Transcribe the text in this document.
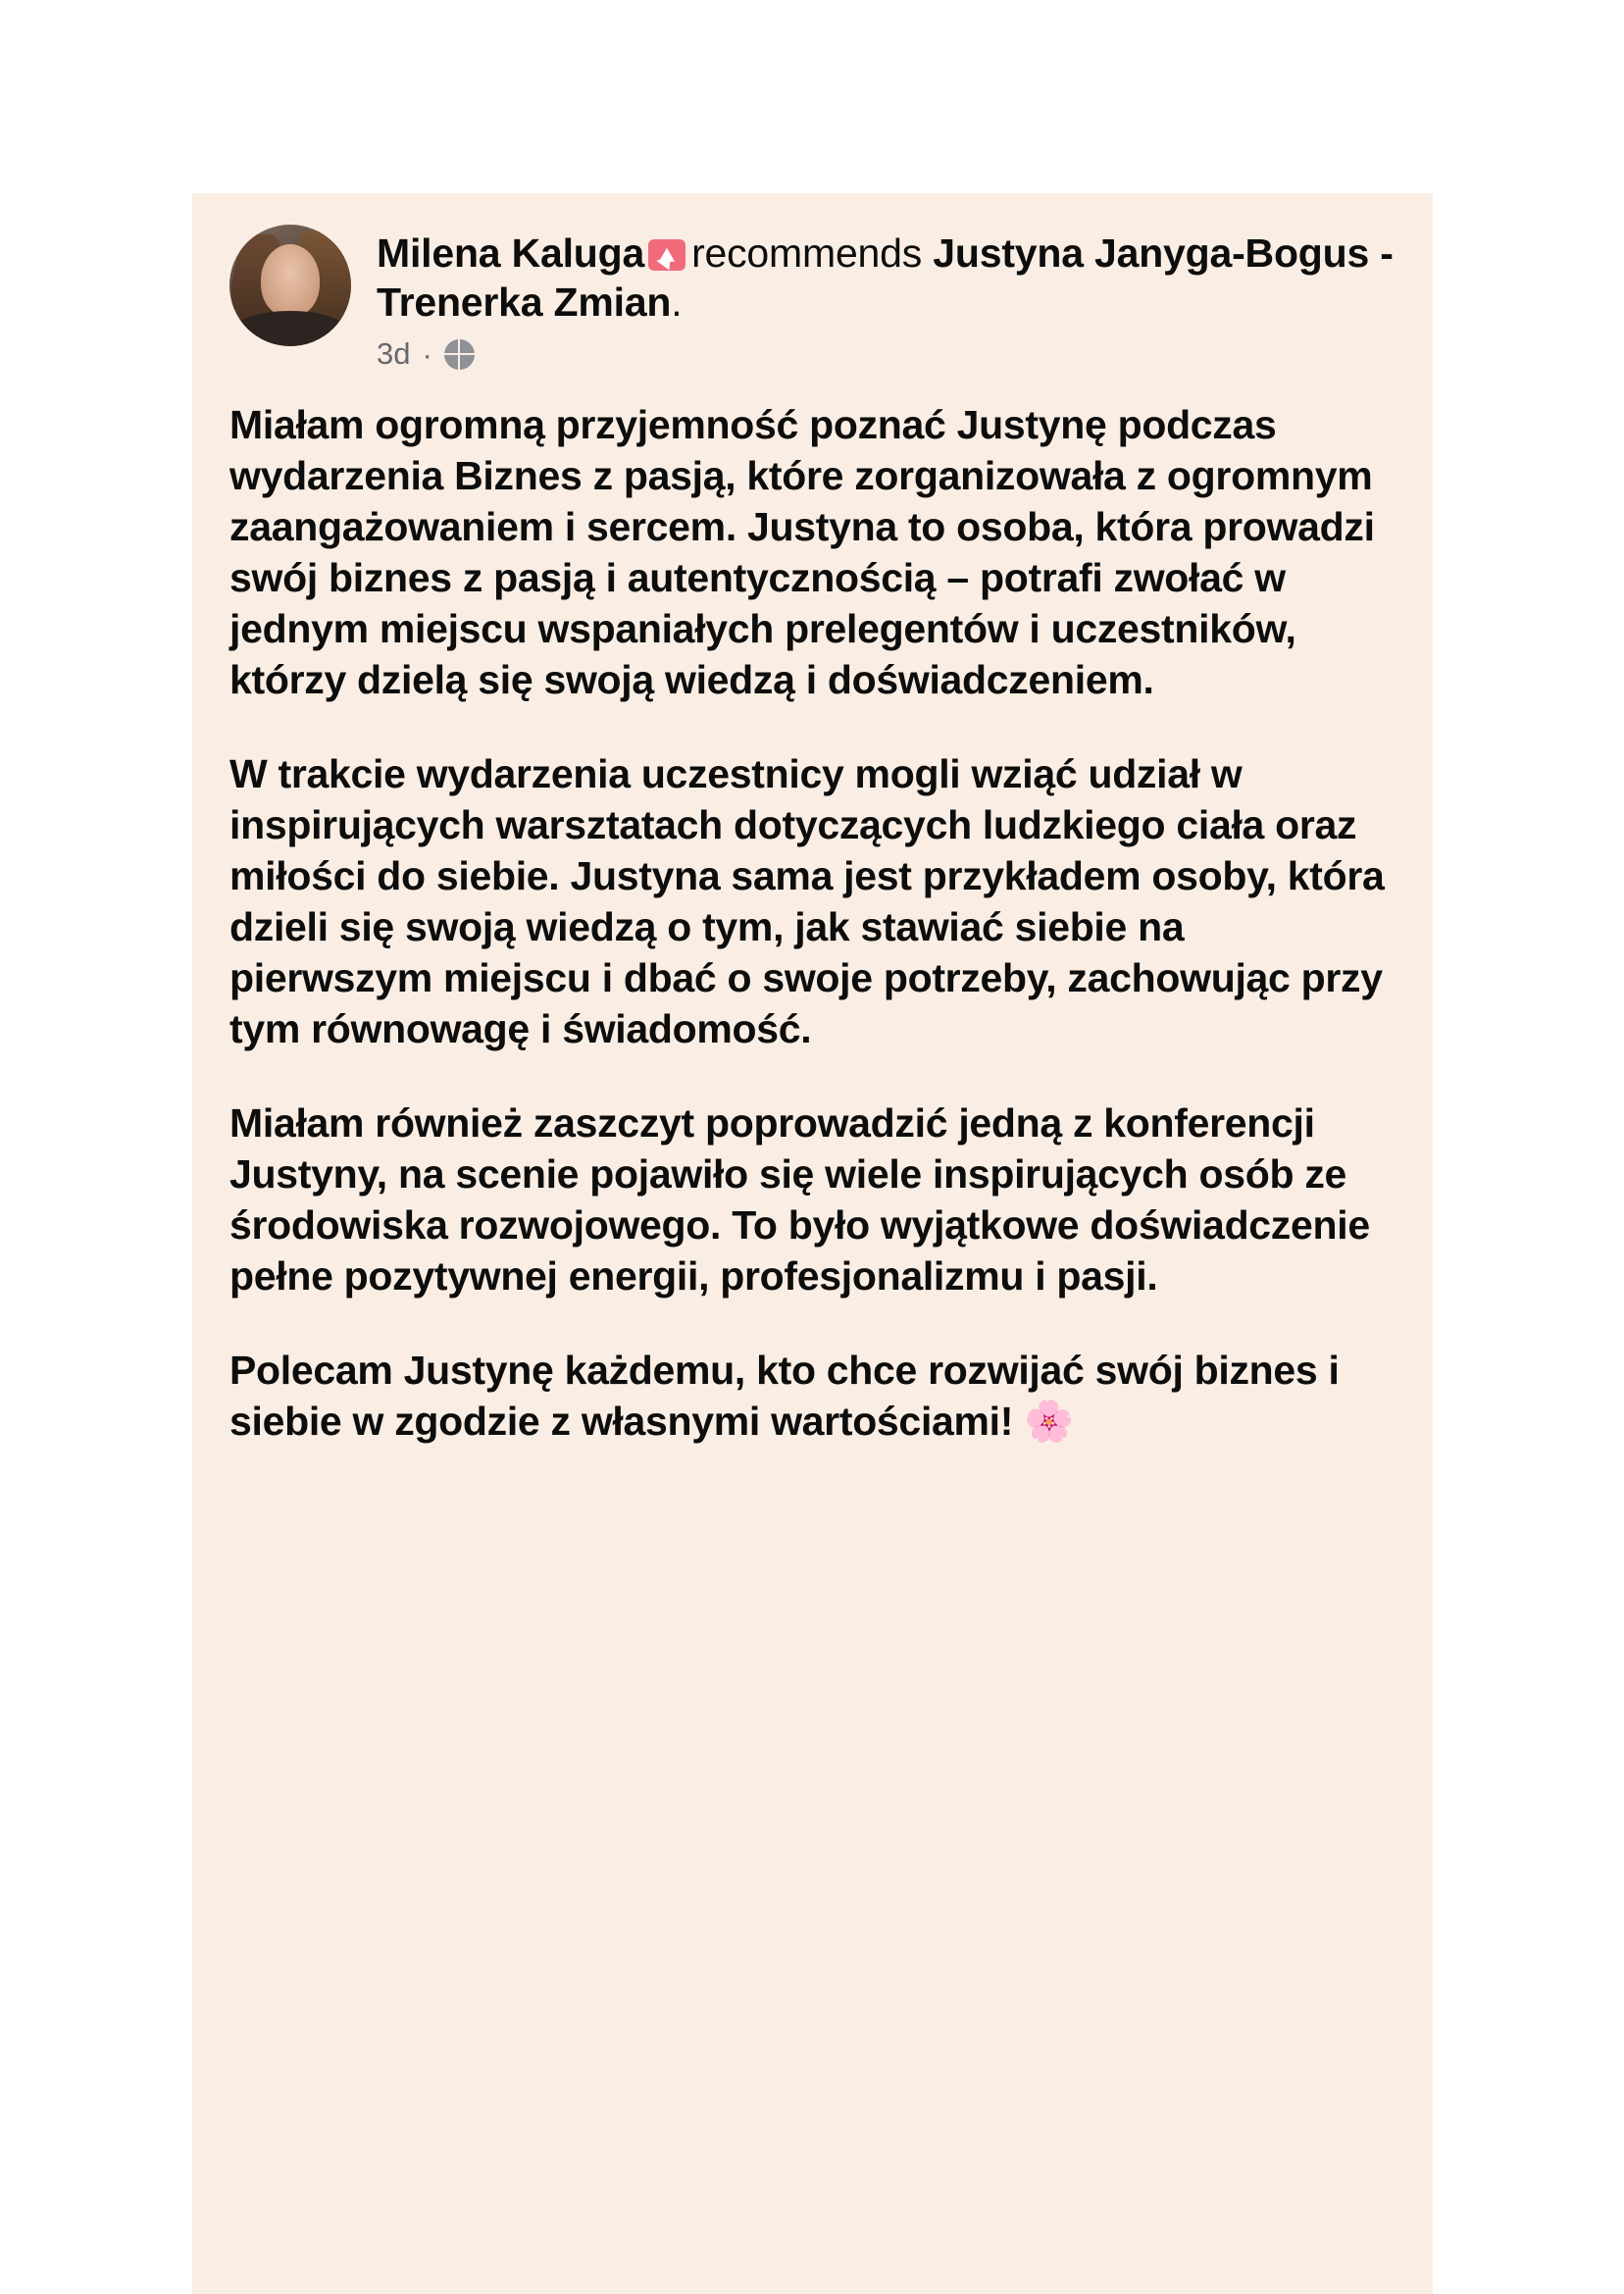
Milena Kaluga recommends Justyna Janyga-Bogus - Trenerka Zmian.
3d ·

Miałam ogromną przyjemność poznać Justynę podczas wydarzenia Biznes z pasją, które zorganizowała z ogromnym zaangażowaniem i sercem. Justyna to osoba, która prowadzi swój biznes z pasją i autentycznością – potrafi zwołać w jednym miejscu wspaniałych prelegentów i uczestników, którzy dzielą się swoją wiedzą i doświadczeniem.

W trakcie wydarzenia uczestnicy mogli wziąć udział w inspirujących warsztatach dotyczących ludzkiego ciała oraz miłości do siebie. Justyna sama jest przykładem osoby, która dzieli się swoją wiedzą o tym, jak stawiać siebie na pierwszym miejscu i dbać o swoje potrzeby, zachowując przy tym równowagę i świadomość.

Miałam również zaszczyt poprowadzić jedną z konferencji Justyny, na scenie pojawiło się wiele inspirujących osób ze środowiska rozwojowego. To było wyjątkowe doświadczenie pełne pozytywnej energii, profesjonalizmu i pasji.

Polecam Justynę każdemu, kto chce rozwijać swój biznes i siebie w zgodzie z własnymi wartościami! 🌸
